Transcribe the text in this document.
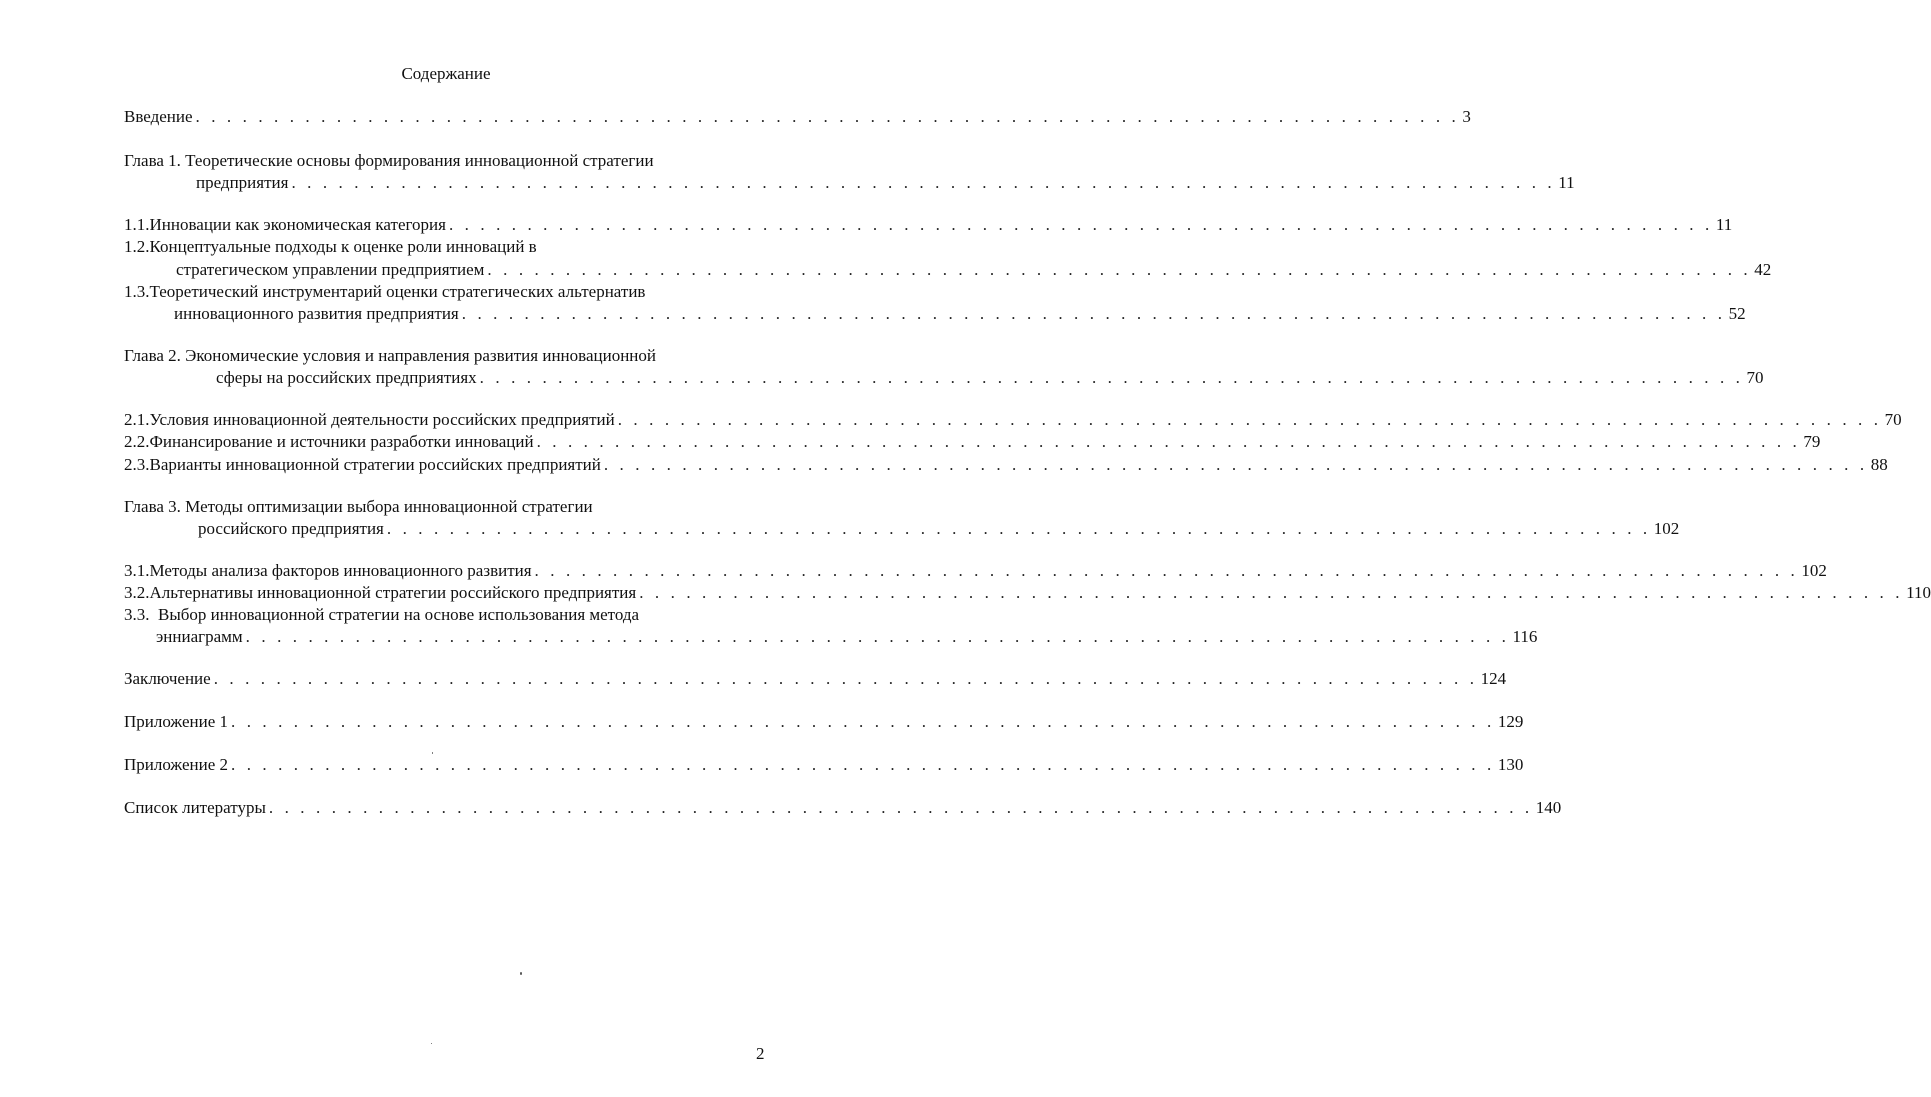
Содержание
Введение . . . . . . . . . . . . . . . . . . . . . . . . . . . . . . . . . . . . . . . . . . . . . . . . . . . . . . . . . . . . . . . . . . . . . . . . . . . . . . . . . 3
Глава 1. Теоретические основы формирования инновационной стратегии
предприятия . . . . . . . . . . . . . . . . . . . . . . . . . . . . . . . . . . . . . . . . . . . . . . . . . . . . . . . . . . . . . . . . . . . . . . . . . . . . . . . . . 11
1.1. Инновации как экономическая категория . . . . . . . . . . . . . . . . . . . . . . . . . . . . . . . . . . . . . . . . . . . . . . . . . . . . . . . . . . . . . . . . . . . . . . . . . . . . . . . . . 11
1.2.Концептуальные подходы к оценке роли инноваций в
стратегическом управлении предприятием . . . . . . . . . . . . . . . . . . . . . . . . . . . . . . . . . . . . . . . . . . . . . . . . . . . . . . . . . . . . . . . . . . . . . . . . . . . . . . . . . 42
1.3.Теоретический инструментарий оценки стратегических альтернатив
инновационного развития предприятия . . . . . . . . . . . . . . . . . . . . . . . . . . . . . . . . . . . . . . . . . . . . . . . . . . . . . . . . . . . . . . . . . . . . . . . . . . . . . . . . . 52
Глава 2. Экономические условия и направления развития инновационной
сферы на российских предприятиях . . . . . . . . . . . . . . . . . . . . . . . . . . . . . . . . . . . . . . . . . . . . . . . . . . . . . . . . . . . . . . . . . . . . . . . . . . . . . . . . . 70
2.1. Условия инновационной деятельности российских предприятий . . . . . . . . . . . . . . . . . . . . . . . . . . . . . . . . . . . . . . . . . . . . . . . . . . . . . . . . . . . . . . . . . . . . . . . . . . . . . . . . . 70
2.2. Финансирование и источники разработки инноваций . . . . . . . . . . . . . . . . . . . . . . . . . . . . . . . . . . . . . . . . . . . . . . . . . . . . . . . . . . . . . . . . . . . . . . . . . . . . . . . . . 79
2.3. Варианты инновационной стратегии российских предприятий . . . . . . . . . . . . . . . . . . . . . . . . . . . . . . . . . . . . . . . . . . . . . . . . . . . . . . . . . . . . . . . . . . . . . . . . . . . . . . . . . 88
Глава 3. Методы оптимизации выбора инновационной стратегии
российского предприятия . . . . . . . . . . . . . . . . . . . . . . . . . . . . . . . . . . . . . . . . . . . . . . . . . . . . . . . . . . . . . . . . . . . . . . . . . . . . . . . . . 102
3.1. Методы анализа факторов инновационного развития . . . . . . . . . . . . . . . . . . . . . . . . . . . . . . . . . . . . . . . . . . . . . . . . . . . . . . . . . . . . . . . . . . . . . . . . . . . . . . . . . 102
3.2. Альтернативы инновационной стратегии российского предприятия . . . . . . . . . . . . . . . . . . . . . . . . . . . . . . . . . . . . . . . . . . . . . . . . . . . . . . . . . . . . . . . . . . . . . . . . . . . . . . . . . 110
3.3. Выбор инновационной стратегии на основе использования метода
энниаграмм . . . . . . . . . . . . . . . . . . . . . . . . . . . . . . . . . . . . . . . . . . . . . . . . . . . . . . . . . . . . . . . . . . . . . . . . . . . . . . . . . 116
Заключение . . . . . . . . . . . . . . . . . . . . . . . . . . . . . . . . . . . . . . . . . . . . . . . . . . . . . . . . . . . . . . . . . . . . . . . . . . . . . . . . . 124
Приложение 1 . . . . . . . . . . . . . . . . . . . . . . . . . . . . . . . . . . . . . . . . . . . . . . . . . . . . . . . . . . . . . . . . . . . . . . . . . . . . . . . . . 129
Приложение 2 . . . . . . . . . . . . . . . . . . . . . . . . . . . . . . . . . . . . . . . . . . . . . . . . . . . . . . . . . . . . . . . . . . . . . . . . . . . . . . . . . 130
Список литературы . . . . . . . . . . . . . . . . . . . . . . . . . . . . . . . . . . . . . . . . . . . . . . . . . . . . . . . . . . . . . . . . . . . . . . . . . . . . . . . . . 140
2
